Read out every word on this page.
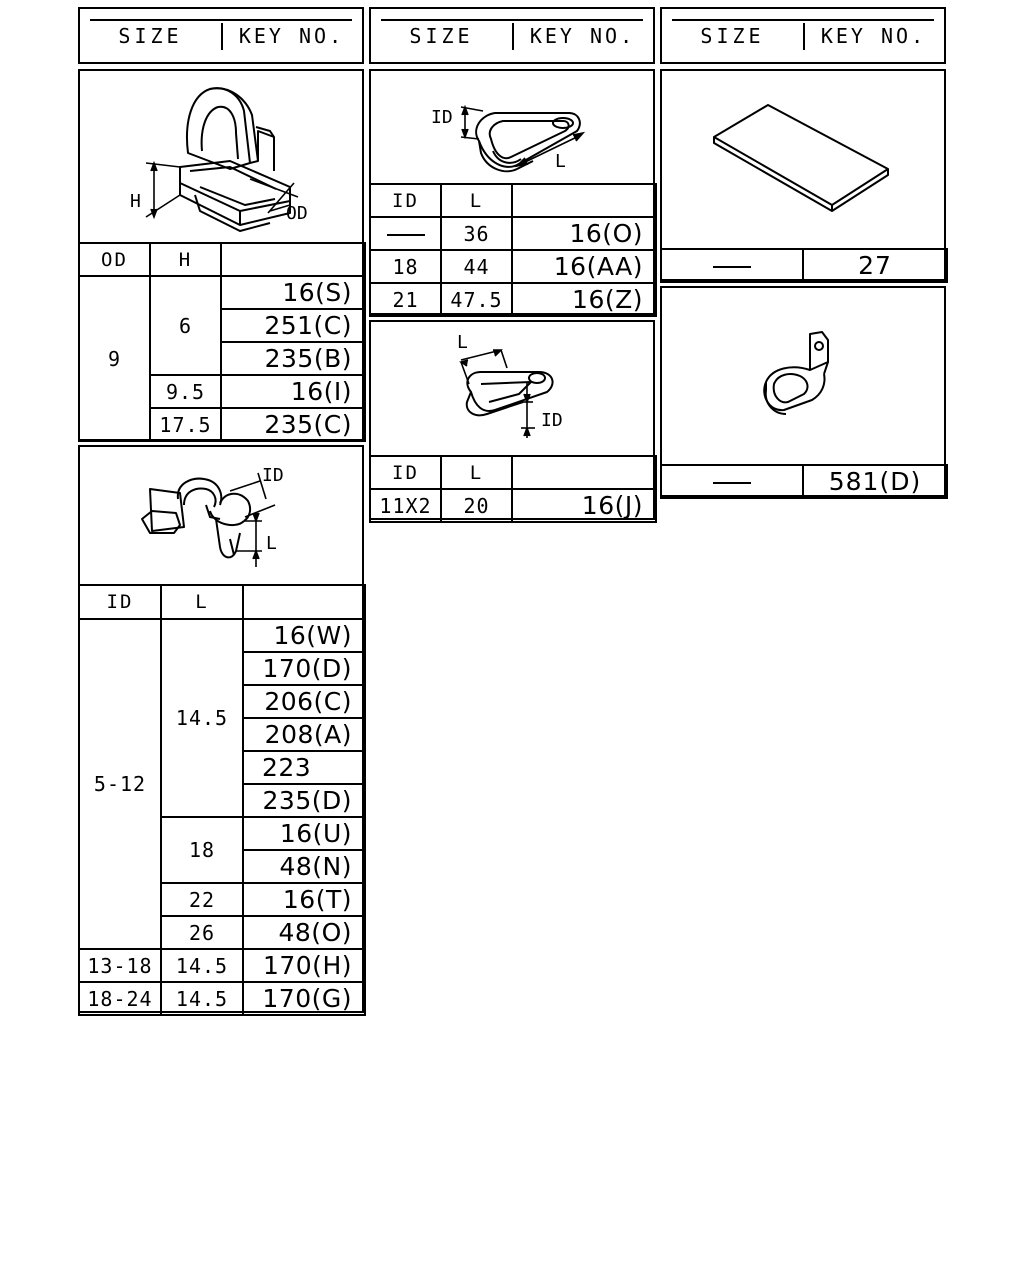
SIZE	KEY NO.	SIZE	KEY NO.	SIZE	KEY NO.
H
OD
OD	H	
9	6	16(S)
		251(C)
		235(B)
	9.5	16(I)
	17.5	235(C)
ID
L
ID	L	
5-12	14.5	16(W)
		170(D)
		206(C)
		208(A)
		223
		235(D)
	18	16(U)
		48(N)
	22	16(T)
	26	48(O)
13-18	14.5	170(H)
18-24	14.5	170(G)
ID
L
ID	L	
	36	16(O)
18	44	16(AA)
21	47.5	16(Z)
L
ID
ID	L	
11X2	20	16(J)
	27
	581(D)
